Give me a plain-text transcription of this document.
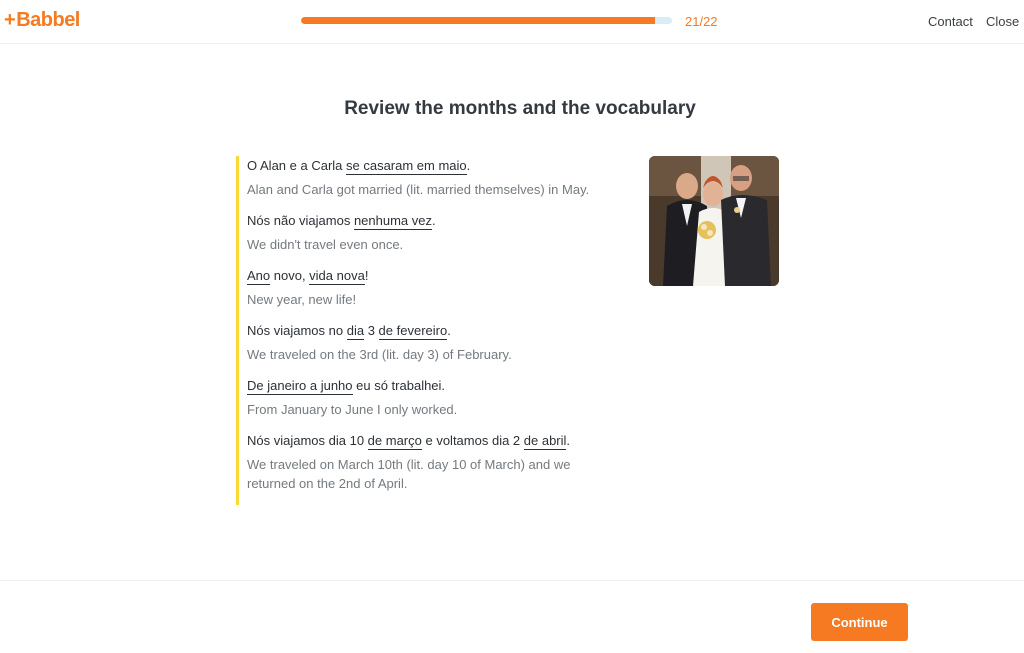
+Babbel	21/22	Contact Close
Review the months and the vocabulary
O Alan e a Carla se casaram em maio.
Alan and Carla got married (lit. married themselves) in May.
Nós não viajamos nenhuma vez.
We didn't travel even once.
Ano novo, vida nova!
New year, new life!
Nós viajamos no dia 3 de fevereiro.
We traveled on the 3rd (lit. day 3) of February.
De janeiro a junho eu só trabalhei.
From January to June I only worked.
Nós viajamos dia 10 de março e voltamos dia 2 de abril.
We traveled on March 10th (lit. day 10 of March) and we returned on the 2nd of April.
Continue
